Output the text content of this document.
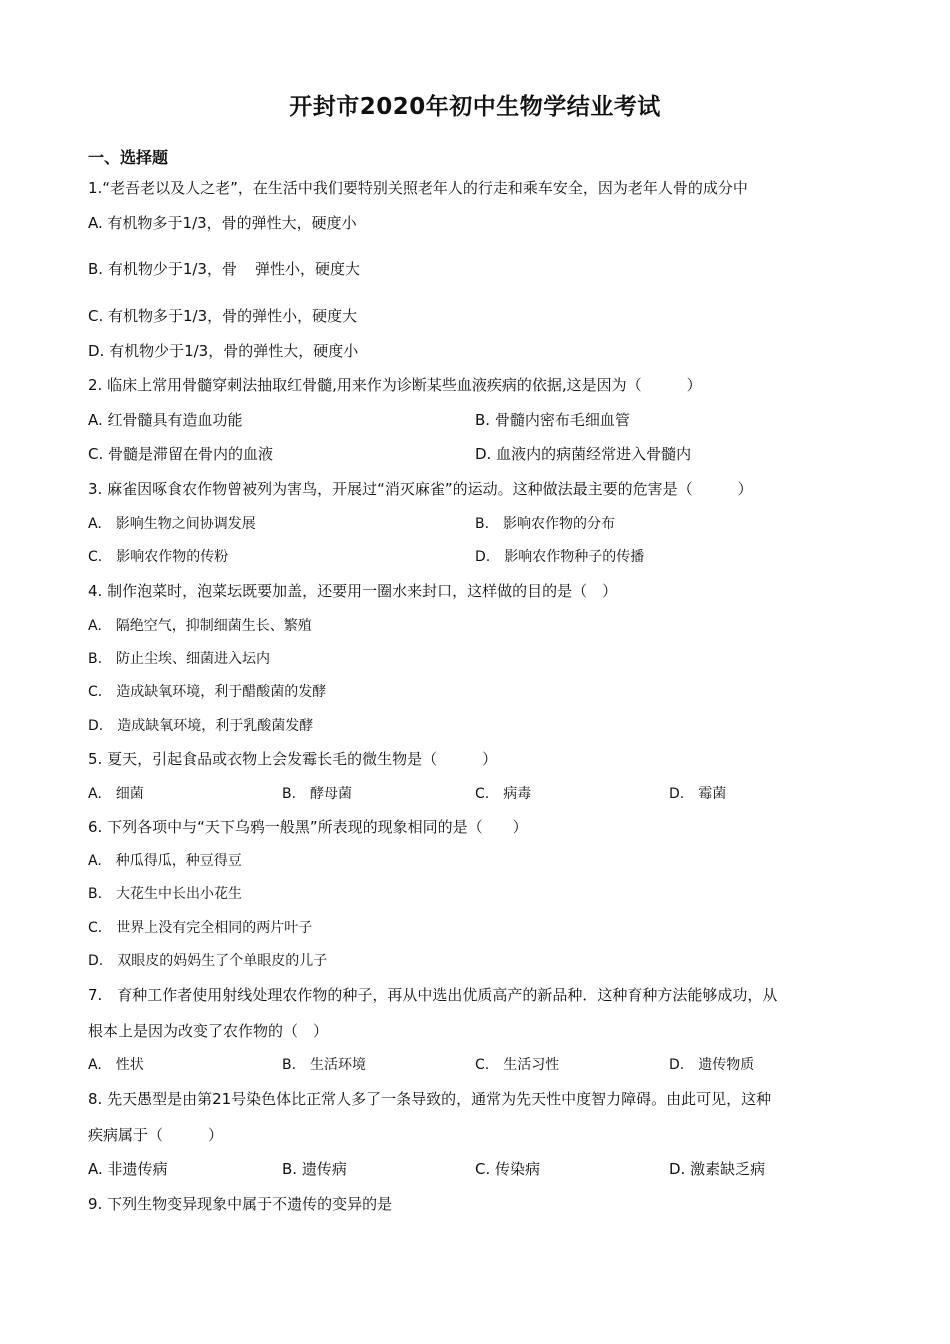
开封市2020年初中生物学结业考试
一、选择题
1.“老吾老以及人之老”，在生活中我们要特别关照老年人的行走和乘车安全，因为老年人骨的成分中
A. 有机物多于1/3，骨的弹性大，硬度小
B. 有机物少于1/3，骨 弹性小，硬度大
C. 有机物多于1/3，骨的弹性小，硬度大
D. 有机物少于1/3，骨的弹性大，硬度小
2. 临床上常用骨髓穿刺法抽取红骨髓,用来作为诊断某些血液疾病的依据,这是因为（　　　）
A. 红骨髓具有造血功能	B. 骨髓内密布毛细血管
C. 骨髓是滞留在骨内的血液	D. 血液内的病菌经常进入骨髓内
3. 麻雀因啄食农作物曾被列为害鸟，开展过“消灭麻雀”的运动。这种做法最主要的危害是（　　　）
A.　影响生物之间协调发展	B.　影响农作物的分布
C.　影响农作物的传粉	D.　影响农作物种子的传播
4. 制作泡菜时，泡菜坛既要加盖，还要用一圈水来封口，这样做的目的是（　）
A.　隔绝空气，抑制细菌生长、繁殖
B.　防止尘埃、细菌进入坛内
C.　造成缺氧环境，利于醋酸菌的发酵
D.　造成缺氧环境，利于乳酸菌发酵
5. 夏天，引起食品或衣物上会发霉长毛的微生物是（　　　）
A.　细菌	B.　酵母菌	C.　病毒	D.　霉菌
6. 下列各项中与“天下乌鸦一般黑”所表现的现象相同的是（　　）
A.　种瓜得瓜，种豆得豆
B.　大花生中长出小花生
C.　世界上没有完全相同的两片叶子
D.　双眼皮的妈妈生了个单眼皮的儿子
7.　育种工作者使用射线处理农作物的种子，再从中选出优质高产的新品种．这种育种方法能够成功，从
根本上是因为改变了农作物的（　）
A.　性状	B.　生活环境	C.　生活习性	D.　遗传物质
8. 先天愚型是由第21号染色体比正常人多了一条导致的，通常为先天性中度智力障碍。由此可见，这种
疾病属于（　　　）
A. 非遗传病	B. 遗传病	C. 传染病	D. 激素缺乏病
9. 下列生物变异现象中属于不遗传的变异的是
